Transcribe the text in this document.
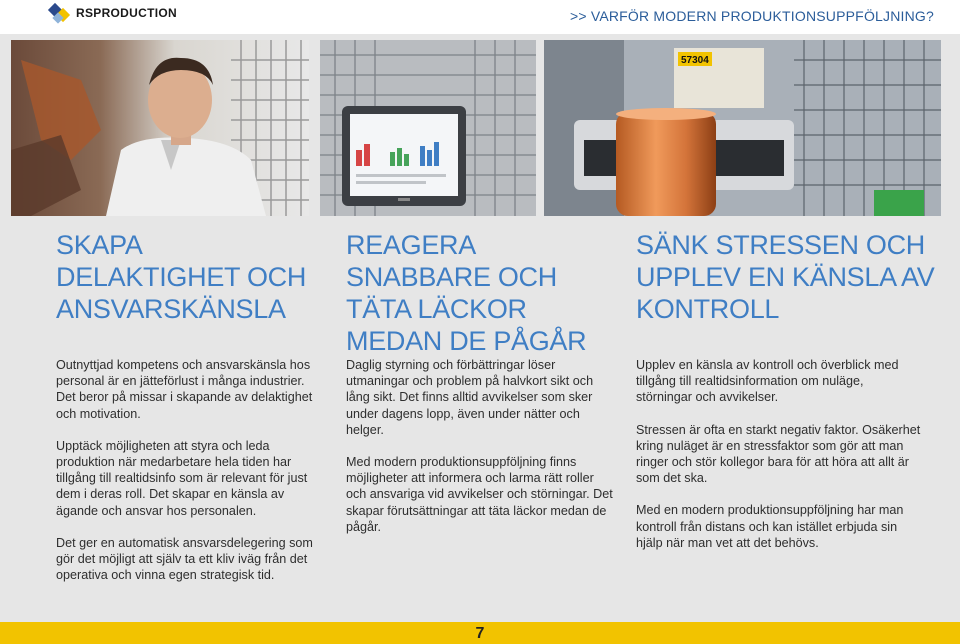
RSPRODUCTION	>> VARFÖR MODERN PRODUKTIONSUPPFÖLJNING?
57304
SKAPA DELAKTIGHET OCH ANSVARSKÄNSLA
REAGERA SNABBARE OCH TÄTA LÄCKOR MEDAN DE PÅGÅR
SÄNK STRESSEN OCH UPPLEV EN KÄNSLA AV KONTROLL

Outnyttjad kompetens och ansvarskänsla hos personal är en jätteförlust i många industrier. Det beror på missar i skapande av delaktighet och motivation.

Upptäck möjligheten att styra och leda produktion när medarbetare hela tiden har tillgång till realtidsinfo som är relevant för just dem i deras roll. Det skapar en känsla av ägande och ansvar hos personalen.

Det ger en automatisk ansvarsdelegering som gör det möjligt att själv ta ett kliv iväg från det operativa och vinna egen strategisk tid.

Daglig styrning och förbättringar löser utmaningar och problem på halvkort sikt och lång sikt. Det finns alltid avvikelser som sker under dagens lopp, även under nätter och helger.

Med modern produktionsuppföljning finns möjligheter att informera och larma rätt roller och ansvariga vid avvikelser och störningar. Det skapar förutsättningar att täta läckor medan de pågår.

Upplev en känsla av kontroll och överblick med tillgång till realtidsinformation om nuläge, störningar och avvikelser.

Stressen är ofta en starkt negativ faktor. Osäkerhet kring nuläget är en stressfaktor som gör att man ringer och stör kollegor bara för att höra att allt är som det ska.

Med en modern produktionsuppföljning har man kontroll från distans och kan istället erbjuda sin hjälp när man vet att det behövs.

7
